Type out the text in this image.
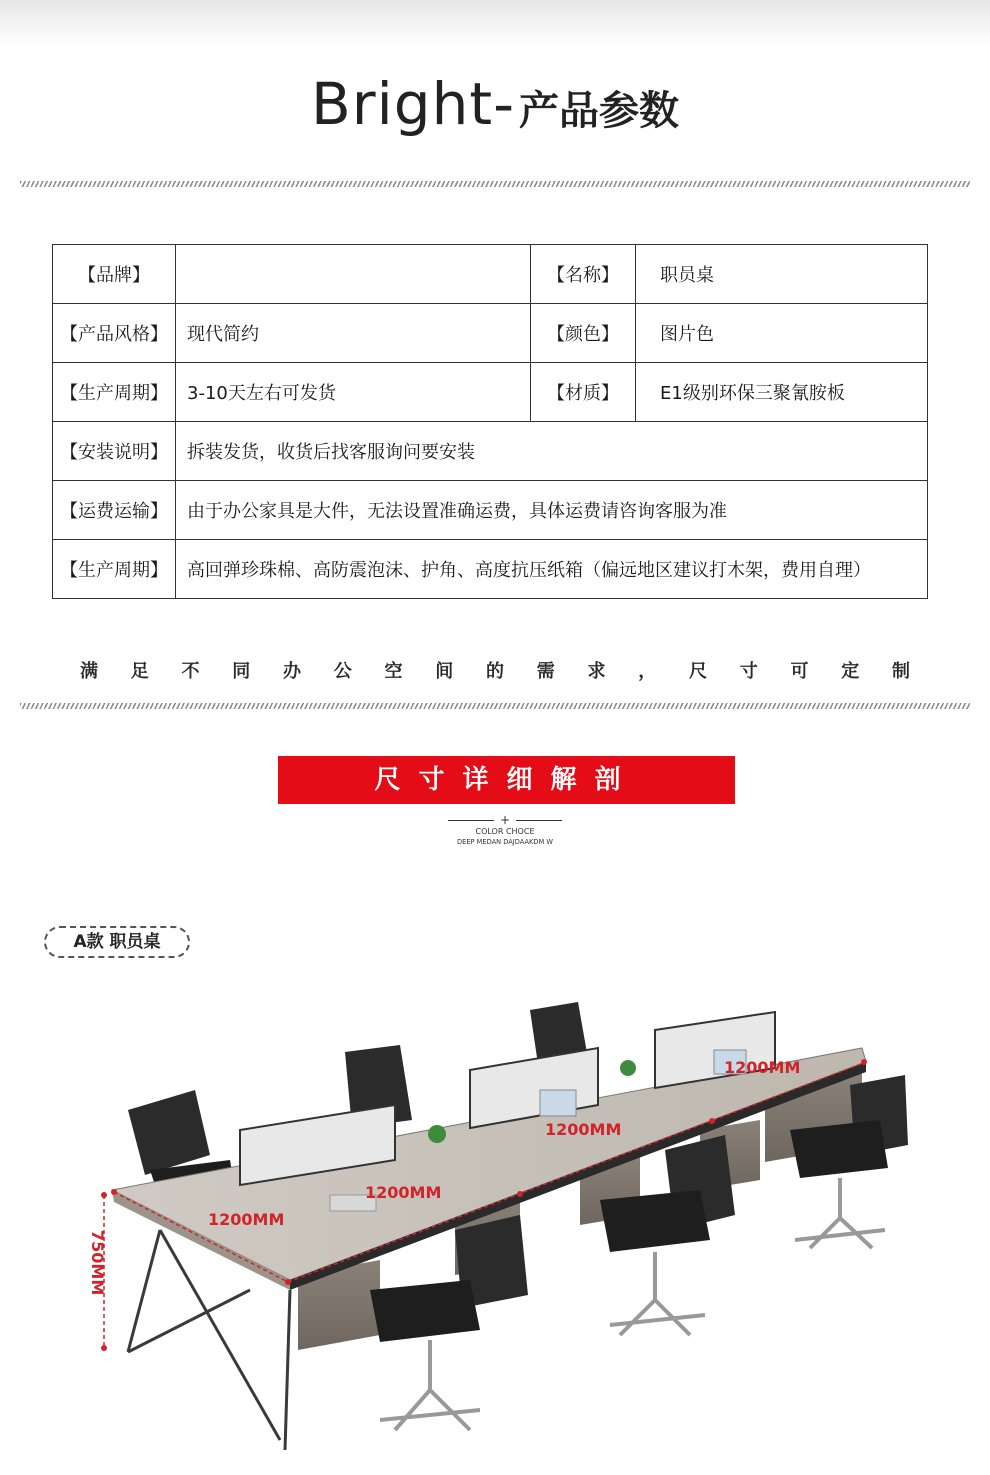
Bright- 产品参数
【品牌】		【名称】	职员桌
【产品风格】	现代简约	【颜色】	图片色
【生产周期】	3-10天左右可发货	【材质】	E1级别环保三聚氰胺板
【安装说明】	拆装发货，收货后找客服询问要安装		
【运费运输】	由于办公家具是大件，无法设置准确运费，具体运费请咨询客服为准		
【生产周期】	高回弹珍珠棉、高防震泡沫、护角、高度抗压纸箱（偏远地区建议打木架，费用自理）		
满 足 不 同 办 公 空 间 的 需 求 ， 尺 寸 可 定 制
尺寸详细解剖
+
COLOR CHOCE
DEEP MEDAN DAJDAAKDM W
A款 职员桌
1200MM
1200MM
1200MM
1200MM
750MM
